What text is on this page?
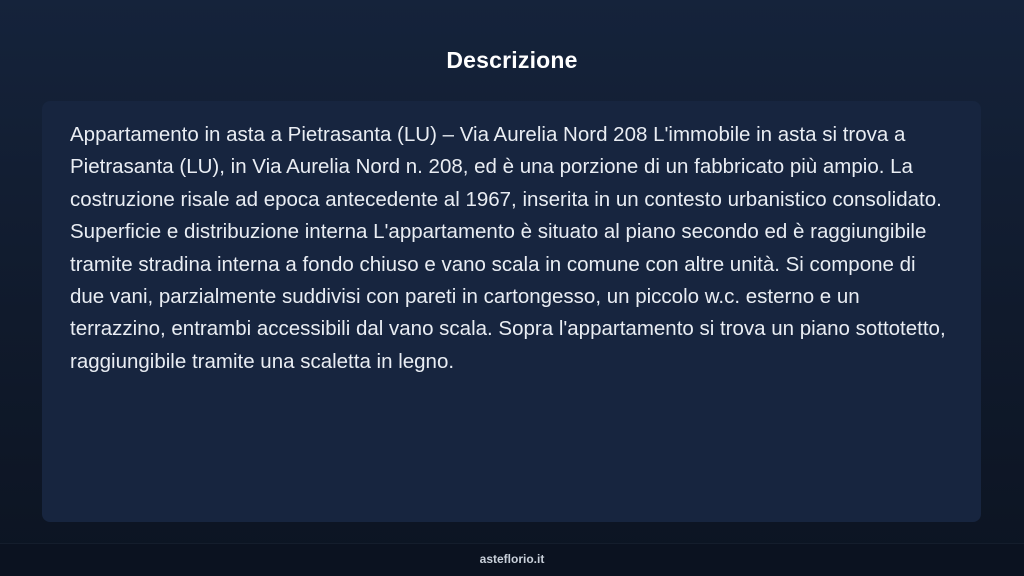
Descrizione

Appartamento in asta a Pietrasanta (LU) – Via Aurelia Nord 208 L'immobile in asta si trova a Pietrasanta (LU), in Via Aurelia Nord n. 208, ed è una porzione di un fabbricato più ampio. La costruzione risale ad epoca antecedente al 1967, inserita in un contesto urbanistico consolidato. Superficie e distribuzione interna L'appartamento è situato al piano secondo ed è raggiungibile tramite stradina interna a fondo chiuso e vano scala in comune con altre unità. Si compone di due vani, parzialmente suddivisi con pareti in cartongesso, un piccolo w.c. esterno e un terrazzino, entrambi accessibili dal vano scala. Sopra l'appartamento si trova un piano sottotetto, raggiungibile tramite una scaletta in legno.

asteflorio.it
